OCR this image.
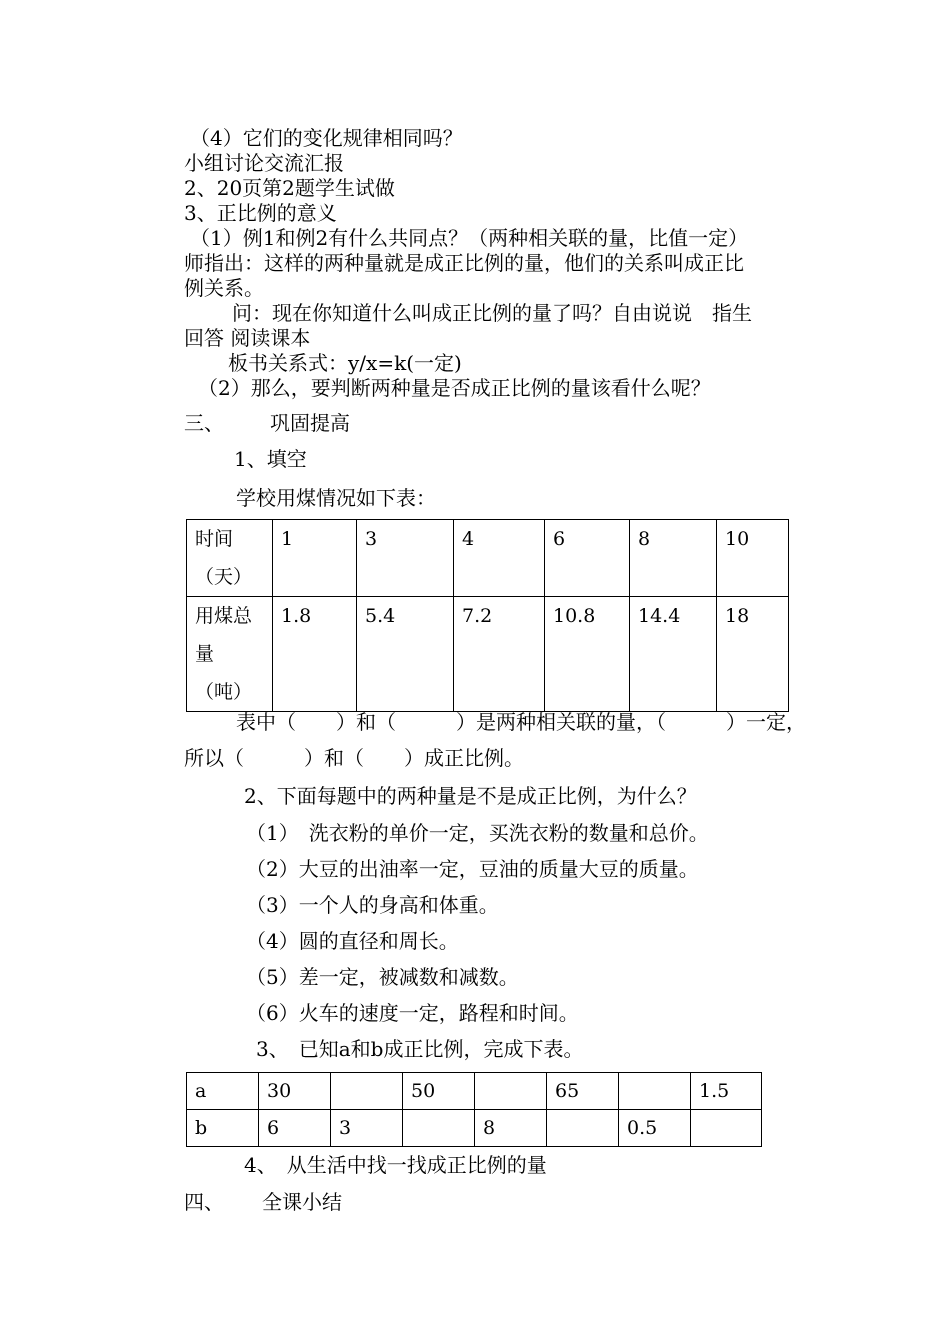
（4）它们的变化规律相同吗？
小组讨论交流汇报
2、20页第2题学生试做
3、正比例的意义
（1）例1和例2有什么共同点？（两种相关联的量，比值一定）
师指出：这样的两种量就是成正比例的量，他们的关系叫成正比
例关系。
问：现在你知道什么叫成正比例的量了吗？自由说说　指生
回答 阅读课本
板书关系式：y/x=k(一定)
（2）那么，要判断两种量是否成正比例的量该看什么呢？
三、 巩固提高
1、填空
学校用煤情况如下表：
时间
（天）	1	3	4	6	8	10

用煤总
量
（吨）	1.8	5.4	7.2	10.8	14.4	18
表中（　　）和（　　　）是两种相关联的量，（　　　）一定，
所以（　　　）和（　　）成正比例。
2、下面每题中的两种量是不是成正比例，为什么？
（1）　洗衣粉的单价一定，买洗衣粉的数量和总价。
（2）大豆的出油率一定，豆油的质量大豆的质量。
（3）一个人的身高和体重。
（4）圆的直径和周长。
（5）差一定，被减数和减数。
（6）火车的速度一定，路程和时间。
3、　已知a和b成正比例，完成下表。
a	30		50		65		1.5
b	6	3		8		0.5	
4、　从生活中找一找成正比例的量
四、 全课小结
